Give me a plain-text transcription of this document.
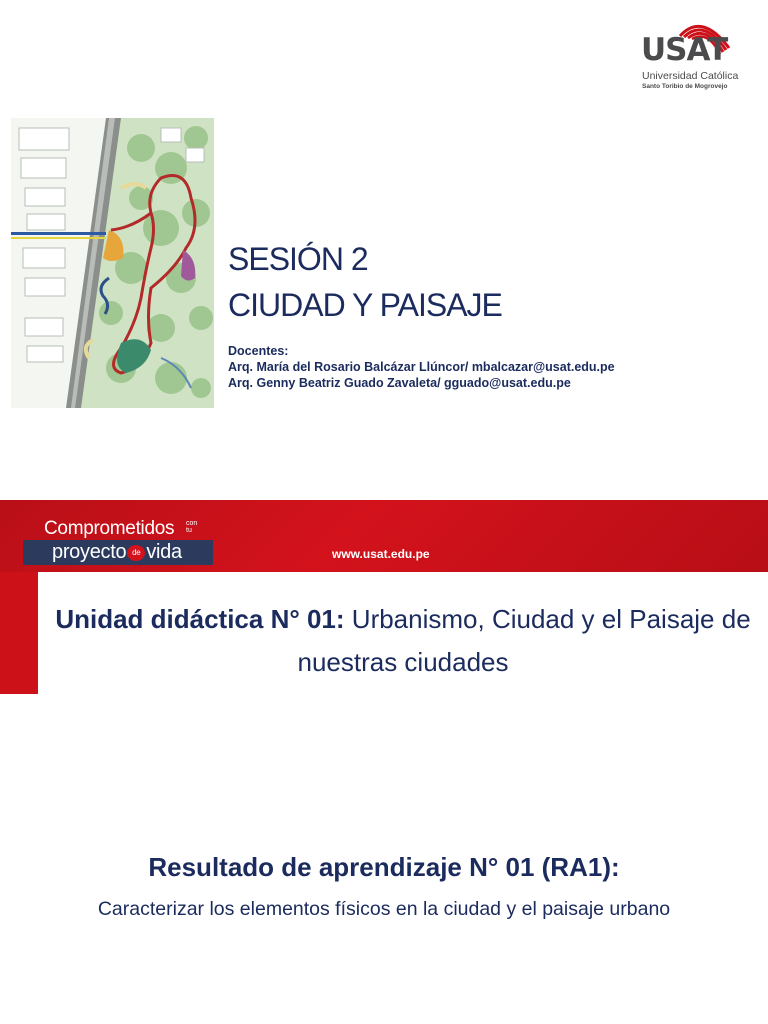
USAT
Universidad Católica
Santo Toribio de Mogrovejo
SESIÓN 2
CIUDAD Y PAISAJE
Docentes:
Arq. María del Rosario Balcázar Llúncor/ mbalcazar@usat.edu.pe
Arq. Genny Beatriz Guado Zavaleta/ gguado@usat.edu.pe
Comprometidos con
tu
proyecto de vida	www.usat.edu.pe
Unidad didáctica N° 01: Urbanismo, Ciudad y el Paisaje de nuestras ciudades
Resultado de aprendizaje N° 01 (RA1):
Caracterizar los elementos físicos en la ciudad y el paisaje urbano
